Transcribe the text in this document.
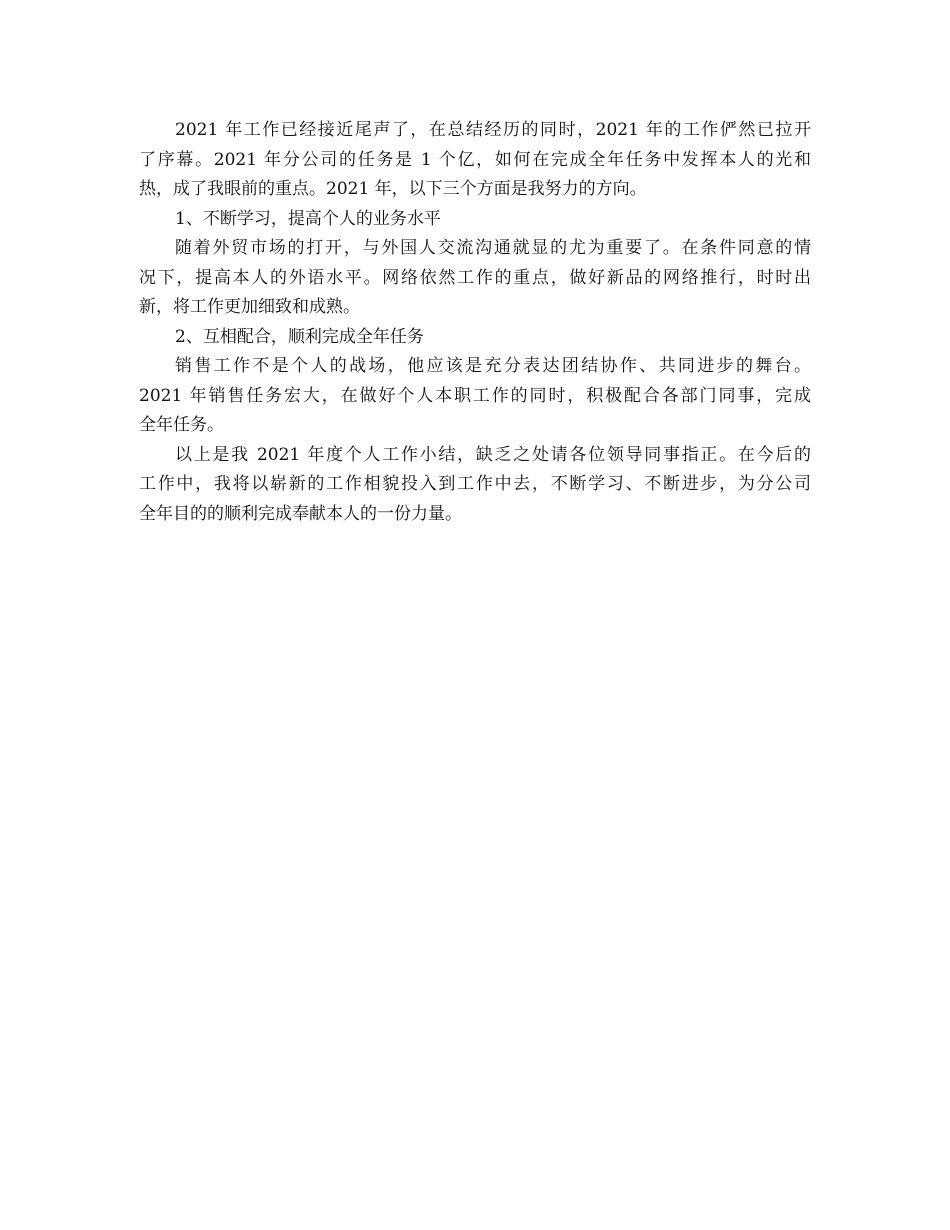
2021 年工作已经接近尾声了，在总结经历的同时，2021 年的工作俨然已拉开
了序幕。2021 年分公司的任务是 1 个亿，如何在完成全年任务中发挥本人的光和
热，成了我眼前的重点。2021 年，以下三个方面是我努力的方向。
1、不断学习，提高个人的业务水平
随着外贸市场的打开，与外国人交流沟通就显的尤为重要了。在条件同意的情
况下，提高本人的外语水平。网络依然工作的重点，做好新品的网络推行，时时出
新，将工作更加细致和成熟。
2、互相配合，顺利完成全年任务
销售工作不是个人的战场，他应该是充分表达团结协作、共同进步的舞台。
2021 年销售任务宏大，在做好个人本职工作的同时，积极配合各部门同事，完成
全年任务。
以上是我 2021 年度个人工作小结，缺乏之处请各位领导同事指正。在今后的
工作中，我将以崭新的工作相貌投入到工作中去，不断学习、不断进步，为分公司
全年目的的顺利完成奉献本人的一份力量。
